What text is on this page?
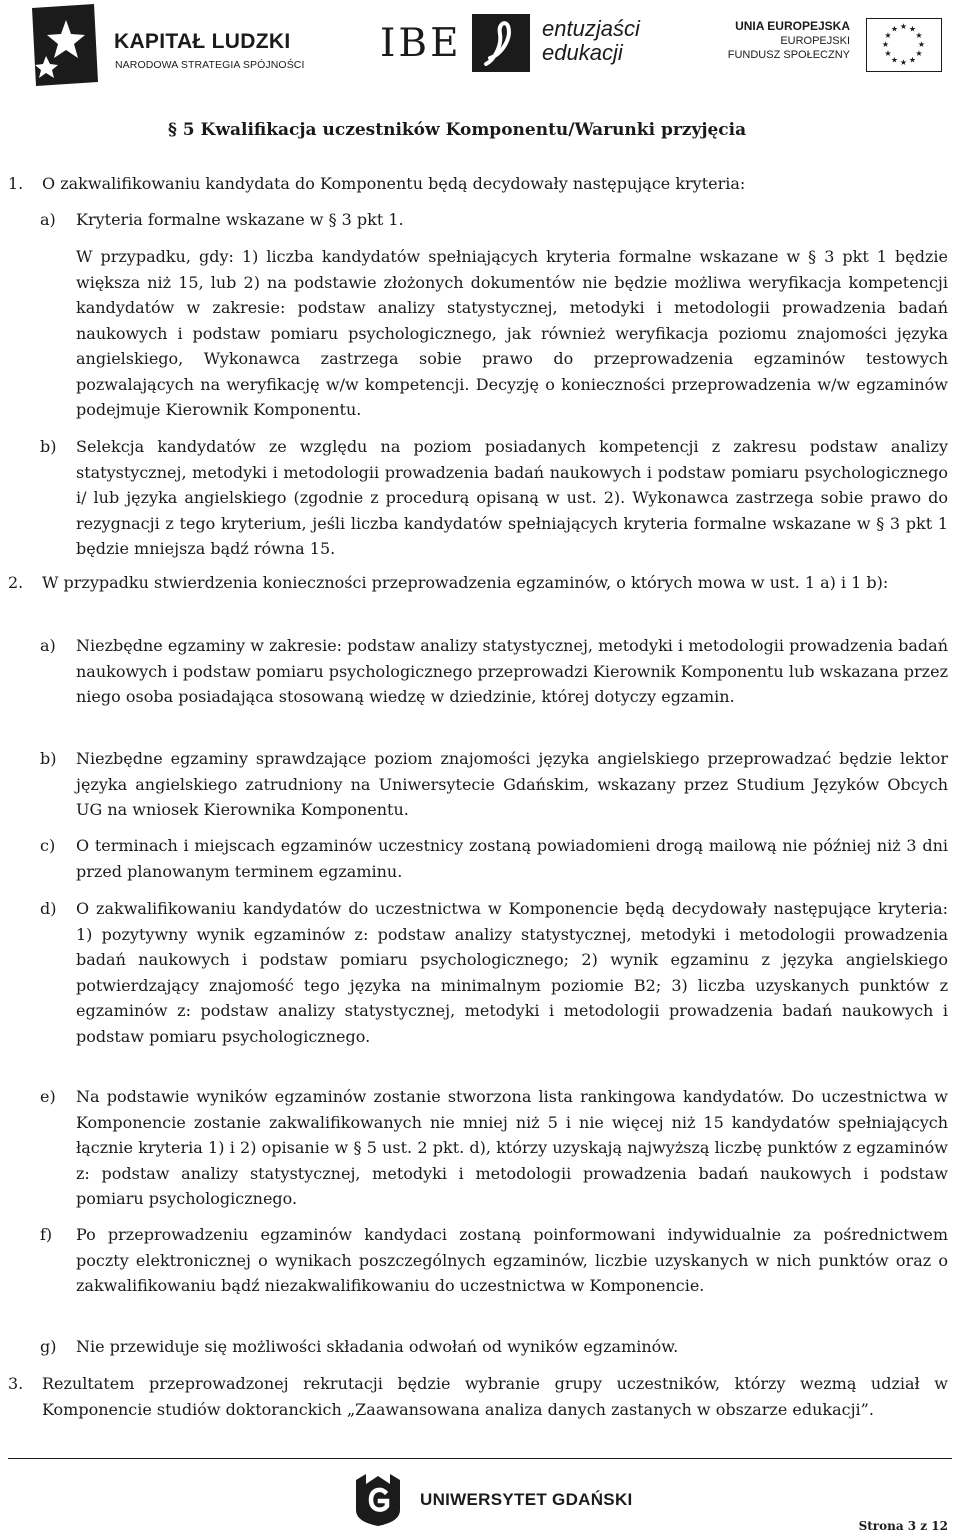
KAPITAŁ LUDZKI
NARODOWA STRATEGIA SPÓJNOŚCI IBE	entuzjaści
edukacji
UNIA EUROPEJSKA
EUROPEJSKI
FUNDUSZ SPOŁECZNY
★ ★
★
★
★
★
★
★
★
★
★
★
§ 5 Kwalifikacja uczestników Komponentu/Warunki przyjęcia
1. O zakwalifikowaniu kandydata do Komponentu będą decydowały następujące kryteria:
a) Kryteria formalne wskazane w § 3 pkt 1.
W przypadku, gdy: 1) liczba kandydatów spełniających kryteria formalne wskazane w § 3 pkt 1 będzie większa niż 15, lub 2) na podstawie złożonych dokumentów nie będzie możliwa weryfikacja kompetencji kandydatów w zakresie: podstaw analizy statystycznej, metodyki i metodologii prowadzenia badań naukowych i podstaw pomiaru psychologicznego, jak również weryfikacja poziomu znajomości języka angielskiego, Wykonawca zastrzega sobie prawo do przeprowadzenia egzaminów testowych pozwalających na weryfikację w/w kompetencji. Decyzję o konieczności przeprowadzenia w/w egzaminów podejmuje Kierownik Komponentu.
b) Selekcja kandydatów ze względu na poziom posiadanych kompetencji z zakresu podstaw analizy statystycznej, metodyki i metodologii prowadzenia badań naukowych i podstaw pomiaru psychologicznego i/ lub języka angielskiego (zgodnie z procedurą opisaną w ust. 2). Wykonawca zastrzega sobie prawo do rezygnacji z tego kryterium, jeśli liczba kandydatów spełniających kryteria formalne wskazane w § 3 pkt 1 będzie mniejsza bądź równa 15.
2. W przypadku stwierdzenia konieczności przeprowadzenia egzaminów, o których mowa w ust. 1 a) i 1 b):
a) Niezbędne egzaminy w zakresie: podstaw analizy statystycznej, metodyki i metodologii prowadzenia badań naukowych i podstaw pomiaru psychologicznego przeprowadzi Kierownik Komponentu lub wskazana przez niego osoba posiadająca stosowaną wiedzę w dziedzinie, której dotyczy egzamin.
b) Niezbędne egzaminy sprawdzające poziom znajomości języka angielskiego przeprowadzać będzie lektor języka angielskiego zatrudniony na Uniwersytecie Gdańskim, wskazany przez Studium Języków Obcych UG na wniosek Kierownika Komponentu.
c) O terminach i miejscach egzaminów uczestnicy zostaną powiadomieni drogą mailową nie później niż 3 dni przed planowanym terminem egzaminu.
d) O zakwalifikowaniu kandydatów do uczestnictwa w Komponencie będą decydowały następujące kryteria: 1) pozytywny wynik egzaminów z: podstaw analizy statystycznej, metodyki i metodologii prowadzenia badań naukowych i podstaw pomiaru psychologicznego; 2) wynik egzaminu z języka angielskiego potwierdzający znajomość tego języka na minimalnym poziomie B2; 3) liczba uzyskanych punktów z egzaminów z: podstaw analizy statystycznej, metodyki i metodologii prowadzenia badań naukowych i podstaw pomiaru psychologicznego.
e) Na podstawie wyników egzaminów zostanie stworzona lista rankingowa kandydatów. Do uczestnictwa w Komponencie zostanie zakwalifikowanych nie mniej niż 5 i nie więcej niż 15 kandydatów spełniających łącznie kryteria 1) i 2) opisanie w § 5 ust. 2 pkt. d), którzy uzyskają najwyższą liczbę punktów z egzaminów z: podstaw analizy statystycznej, metodyki i metodologii prowadzenia badań naukowych i podstaw pomiaru psychologicznego.
f) Po przeprowadzeniu egzaminów kandydaci zostaną poinformowani indywidualnie za pośrednictwem poczty elektronicznej o wynikach poszczególnych egzaminów, liczbie uzyskanych w nich punktów oraz o zakwalifikowaniu bądź niezakwalifikowaniu do uczestnictwa w Komponencie.
g) Nie przewiduje się możliwości składania odwołań od wyników egzaminów.
3. Rezultatem przeprowadzonej rekrutacji będzie wybranie grupy uczestników, którzy wezmą udział w Komponencie studiów doktoranckich „Zaawansowana analiza danych zastanych w obszarze edukacji”.
UNIWERSYTET GDAŃSKI
Strona 3 z 12
